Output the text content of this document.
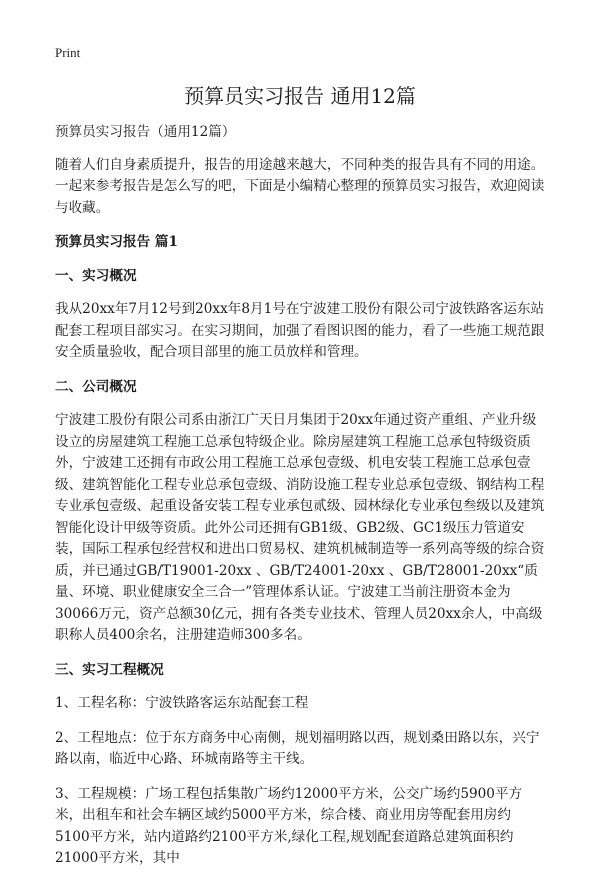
Print
预算员实习报告 通用12篇

预算员实习报告（通用12篇）

随着人们自身素质提升，报告的用途越来越大，不同种类的报告具有不同的用途。一起来参考报告是怎么写的吧，下面是小编精心整理的预算员实习报告，欢迎阅读与收藏。

预算员实习报告 篇1

一、实习概况

我从20xx年7月12号到20xx年8月1号在宁波建工股份有限公司宁波铁路客运东站配套工程项目部实习。在实习期间，加强了看图识图的能力，看了一些施工规范跟安全质量验收，配合项目部里的施工员放样和管理。

二、公司概况

宁波建工股份有限公司系由浙江广天日月集团于20xx年通过资产重组、产业升级设立的房屋建筑工程施工总承包特级企业。除房屋建筑工程施工总承包特级资质外，宁波建工还拥有市政公用工程施工总承包壹级、机电安装工程施工总承包壹级、建筑智能化工程专业总承包壹级、消防设施工程专业总承包壹级、钢结构工程专业承包壹级、起重设备安装工程专业承包贰级、园林绿化专业承包叁级以及建筑智能化设计甲级等资质。此外公司还拥有GB1级、GB2级、GC1级压力管道安装，国际工程承包经营权和进出口贸易权、建筑机械制造等一系列高等级的综合资质，并已通过GB/T19001-20xx 、GB/T24001-20xx 、GB/T28001-20xx“质量、环境、职业健康安全三合一”管理体系认证。宁波建工当前注册资本金为30066万元，资产总额30亿元，拥有各类专业技术、管理人员20xx余人，中高级职称人员400余名，注册建造师300多名。

三、实习工程概况

1、工程名称：宁波铁路客运东站配套工程

2、工程地点：位于东方商务中心南侧，规划福明路以西，规划桑田路以东，兴宁路以南，临近中心路、环城南路等主干线。

3、工程规模：广场工程包括集散广场约12000平方米，公交广场约5900平方米，出租车和社会车辆区域约5000平方米，综合楼、商业用房等配套用房约5100平方米，站内道路约2100平方米,绿化工程,规划配套道路总建筑面积约21000平方米，其中
